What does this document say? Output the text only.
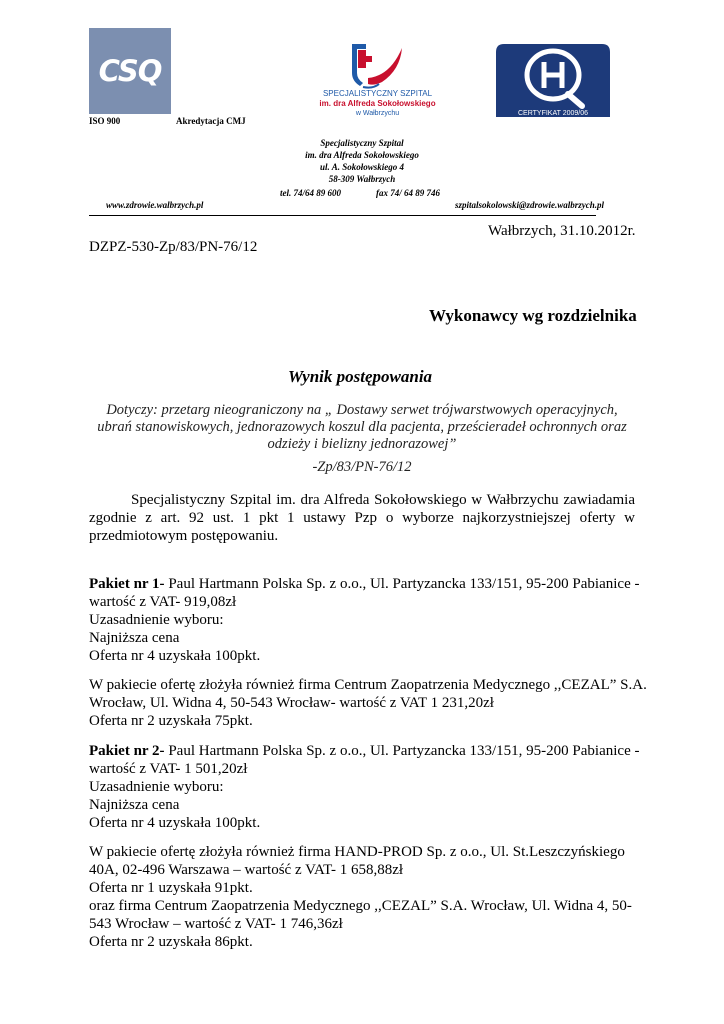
CSQ
ISO 900	Akredytacja CMJ
SPECJALISTYCZNY SZPITAL
im. dra Alfreda Sokołowskiego
w Wałbrzychu	CERTYFIKAT 2009/06
Specjalistyczny Szpital
im. dra Alfreda Sokołowskiego
ul. A. Sokołowskiego 4
58-309 Wałbrzych
tel. 74/64 89 600	fax 74/ 64 89 746
www.zdrowie.walbrzych.pl	szpitalsokolowski@zdrowie.walbrzych.pl
Wałbrzych, 31.10.2012r.
DZPZ-530-Zp/83/PN-76/12
Wykonawcy wg rozdzielnika
Wynik postępowania
Dotyczy: przetarg nieograniczony na „ Dostawy serwet trójwarstwowych operacyjnych,
ubrań stanowiskowych, jednorazowych koszul dla pacjenta, prześcieradeł ochronnych oraz
odzieży i bielizny jednorazowej”
-Zp/83/PN-76/12
Specjalistyczny Szpital im. dra Alfreda Sokołowskiego w Wałbrzychu zawiadamia zgodnie z art. 92 ust. 1 pkt 1 ustawy Pzp o wyborze najkorzystniejszej oferty w przedmiotowym postępowaniu.
Pakiet nr 1- Paul Hartmann Polska Sp. z o.o., Ul. Partyzancka 133/151, 95-200 Pabianice -
wartość z VAT- 919,08zł
Uzasadnienie wyboru:
Najniższa cena
Oferta nr 4 uzyskała 100pkt.
W pakiecie ofertę złożyła również firma Centrum Zaopatrzenia Medycznego ,,CEZAL” S.A.
Wrocław, Ul. Widna 4, 50-543 Wrocław- wartość z VAT 1 231,20zł
Oferta nr 2 uzyskała 75pkt.
Pakiet nr 2- Paul Hartmann Polska Sp. z o.o., Ul. Partyzancka 133/151, 95-200 Pabianice -
wartość z VAT- 1 501,20zł
Uzasadnienie wyboru:
Najniższa cena
Oferta nr 4 uzyskała 100pkt.
W pakiecie ofertę złożyła również firma HAND-PROD Sp. z o.o., Ul. St.Leszczyńskiego
40A, 02-496 Warszawa – wartość z VAT- 1 658,88zł
Oferta nr 1 uzyskała 91pkt.
oraz firma Centrum Zaopatrzenia Medycznego ,,CEZAL” S.A. Wrocław, Ul. Widna 4, 50-
543 Wrocław – wartość z VAT- 1 746,36zł
Oferta nr 2 uzyskała 86pkt.
